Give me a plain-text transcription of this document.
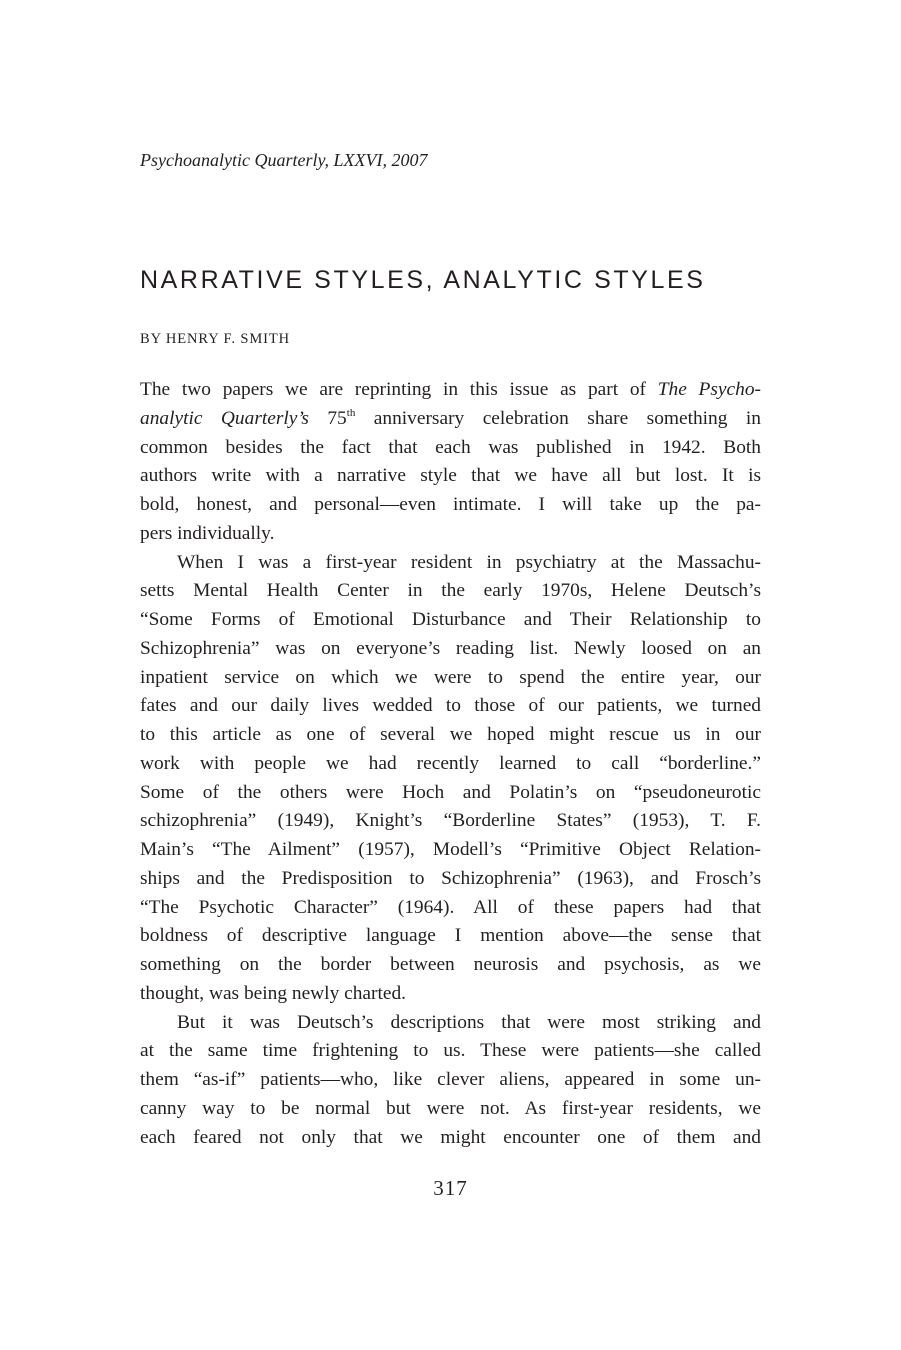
Psychoanalytic Quarterly, LXXVI, 2007
NARRATIVE STYLES, ANALYTIC STYLES
BY HENRY F. SMITH
The two papers we are reprinting in this issue as part of The Psycho-
analytic Quarterly’s 75th anniversary celebration share something in
common besides the fact that each was published in 1942. Both
authors write with a narrative style that we have all but lost. It is
bold, honest, and personal—even intimate. I will take up the pa-
pers individually.
When I was a first-year resident in psychiatry at the Massachu-
setts Mental Health Center in the early 1970s, Helene Deutsch’s
“Some Forms of Emotional Disturbance and Their Relationship to
Schizophrenia” was on everyone’s reading list. Newly loosed on an
inpatient service on which we were to spend the entire year, our
fates and our daily lives wedded to those of our patients, we turned
to this article as one of several we hoped might rescue us in our
work with people we had recently learned to call “borderline.”
Some of the others were Hoch and Polatin’s on “pseudoneurotic
schizophrenia” (1949), Knight’s “Borderline States” (1953), T. F.
Main’s “The Ailment” (1957), Modell’s “Primitive Object Relation-
ships and the Predisposition to Schizophrenia” (1963), and Frosch’s
“The Psychotic Character” (1964). All of these papers had that
boldness of descriptive language I mention above—the sense that
something on the border between neurosis and psychosis, as we
thought, was being newly charted.
But it was Deutsch’s descriptions that were most striking and
at the same time frightening to us. These were patients—she called
them “as-if” patients—who, like clever aliens, appeared in some un-
canny way to be normal but were not. As first-year residents, we
each feared not only that we might encounter one of them and
317
